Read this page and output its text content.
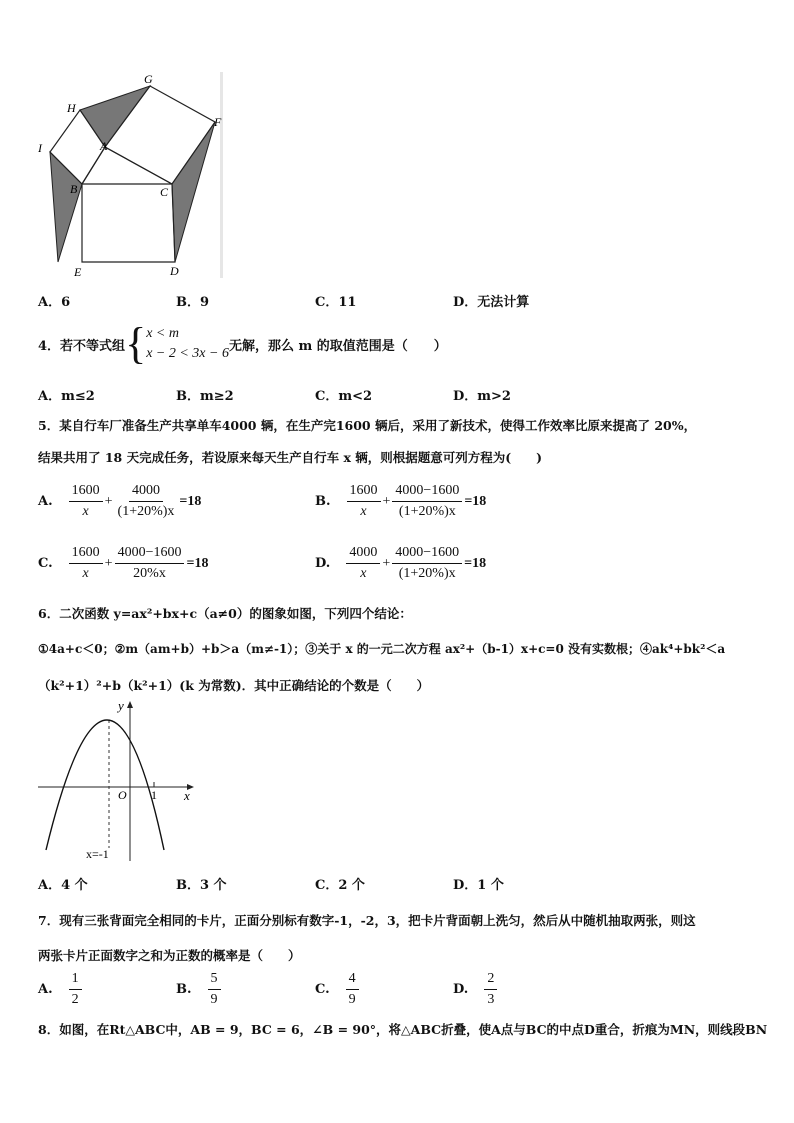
G
H
F
I	A
B	C
E	D
A．6	B．9	C．11	D．无法计算
4． 若不等式组 { x < m
x − 2 < 3x − 6 无解，那么 m 的取值范围是（　　）
A．m≤2	B．m≥2	C．m<2	D．m>2
5．某自行车厂准备生产共享单车4000 辆，在生产完1600 辆后，采用了新技术，使得工作效率比原来提高了 20%，
结果共用了 18 天完成任务，若设原来每天生产自行车 x 辆，则根据题意可列方程为(　　)
A. $\frac{1600}{x} + \frac{4000}{(1+20\%)x} =18$	B. $\frac{1600}{x} + \frac{4000-1600}{(1+20\%)x} =18$
C. $\frac{1600}{x} + \frac{4000-1600}{20\%x} =18$	D. $\frac{4000}{x} + \frac{4000-1600}{(1+20\%)x} =18$
6．二次函数 y=ax²+bx+c（a≠0）的图象如图，下列四个结论：
①4a+c＜0；②m（am+b）+b＞a（m≠-1）；③关于 x 的一元二次方程 ax²+（b-1）x+c=0 没有实数根；④ak⁴+bk²＜a
（k²+1）²+b（k²+1）(k 为常数)．其中正确结论的个数是（　　）
y
x
O 1
x=-1
A．4 个	B．3 个	C．2 个	D．1 个
7．现有三张背面完全相同的卡片，正面分别标有数字-1，-2，3，把卡片背面朝上洗匀，然后从中随机抽取两张，则这
两张卡片正面数字之和为正数的概率是（　　）
A. $\frac{1}{2}$	B. $\frac{5}{9}$	C. $\frac{4}{9}$	D. $\frac{2}{3}$
8．如图，在Rt△ABC中，AB = 9，BC = 6，∠B = 90°，将△ABC折叠，使A点与BC的中点D重合，折痕为MN，则线段BN
